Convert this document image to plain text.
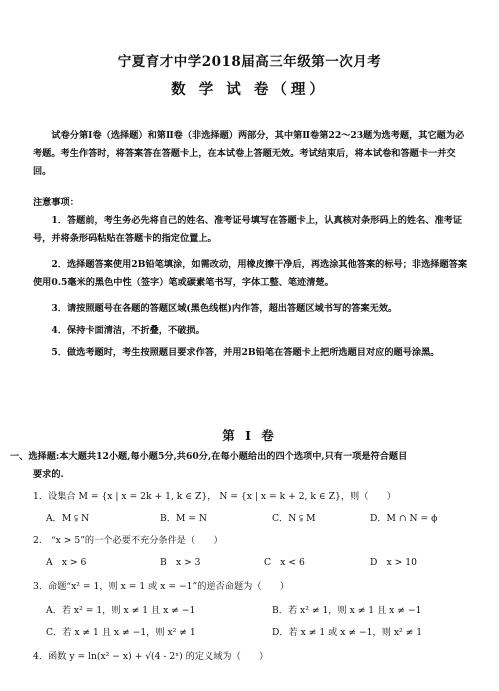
宁夏育才中学2018届高三年级第一次月考
数 学 试 卷（理）
试卷分第Ⅰ卷（选择题）和第Ⅱ卷（非选择题）两部分，其中第Ⅱ卷第22～23题为选考题，其它题为必考题。考生作答时，将答案答在答题卡上，在本试卷上答题无效。考试结束后，将本试卷和答题卡一并交回。
注意事项：
1．答题前，考生务必先将自己的姓名、准考证号填写在答题卡上，认真核对条形码上的姓名、准考证号，并将条形码粘贴在答题卡的指定位置上。
2．选择题答案使用2B铅笔填涂，如需改动，用橡皮擦干净后，再选涂其他答案的标号；非选择题答案使用0.5毫米的黑色中性（签字）笔或碳素笔书写，字体工整、笔迹清楚。
3．请按照题号在各题的答题区域(黑色线框)内作答，超出答题区域书写的答案无效。
4．保持卡面清洁，不折叠，不破损。
5．做选考题时，考生按照题目要求作答，并用2B铅笔在答题卡上把所选题目对应的题号涂黑。
第 Ⅰ 卷
一、选择题:本大题共12小题,每小题5分,共60分,在每小题给出的四个选项中,只有一项是符合题目
要求的.
1．设集合 M = {x | x = 2k + 1, k ∈ Z}， N = {x | x = k + 2, k ∈ Z}，则（　　）
A．M ⫋ N	B．M = N	C．N ⫋ M	D．M ∩ N = ϕ
2.　“x > 5”的一个必要不充分条件是（　　）
A　x > 6	B　x > 3	C　x < 6	D　x > 10
3．命题“x² = 1，则 x = 1 或 x = −1”的逆否命题为（　　）
A．若 x² = 1，则 x ≠ 1 且 x ≠ −1	B．若 x² ≠ 1，则 x ≠ 1 且 x ≠ −1
C．若 x ≠ 1 且 x ≠ −1，则 x² ≠ 1	D．若 x ≠ 1 或 x ≠ −1，则 x² ≠ 1
4．函数 y = ln(x² − x) + √(4 - 2ˣ) 的定义域为（　　）
